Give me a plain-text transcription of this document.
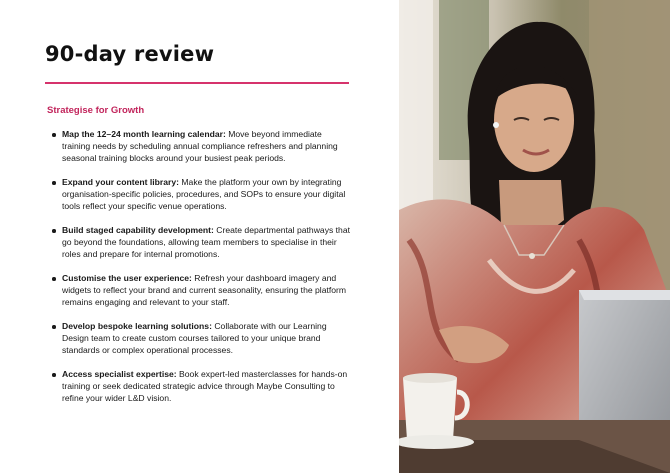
90-day review
Strategise for Growth
Map the 12–24 month learning calendar: Move beyond immediate training needs by scheduling annual compliance refreshers and planning seasonal training blocks around your busiest peak periods.
Expand your content library: Make the platform your own by integrating organisation-specific policies, procedures, and SOPs to ensure your digital tools reflect your specific venue operations.
Build staged capability development: Create departmental pathways that go beyond the foundations, allowing team members to specialise in their roles and prepare for internal promotions.
Customise the user experience: Refresh your dashboard imagery and widgets to reflect your brand and current seasonality, ensuring the platform remains engaging and relevant to your staff.
Develop bespoke learning solutions: Collaborate with our Learning Design team to create custom courses tailored to your unique brand standards or complex operational processes.
Access specialist expertise: Book expert-led masterclasses for hands-on training or seek dedicated strategic advice through Maybe Consulting to refine your wider L&D vision.
